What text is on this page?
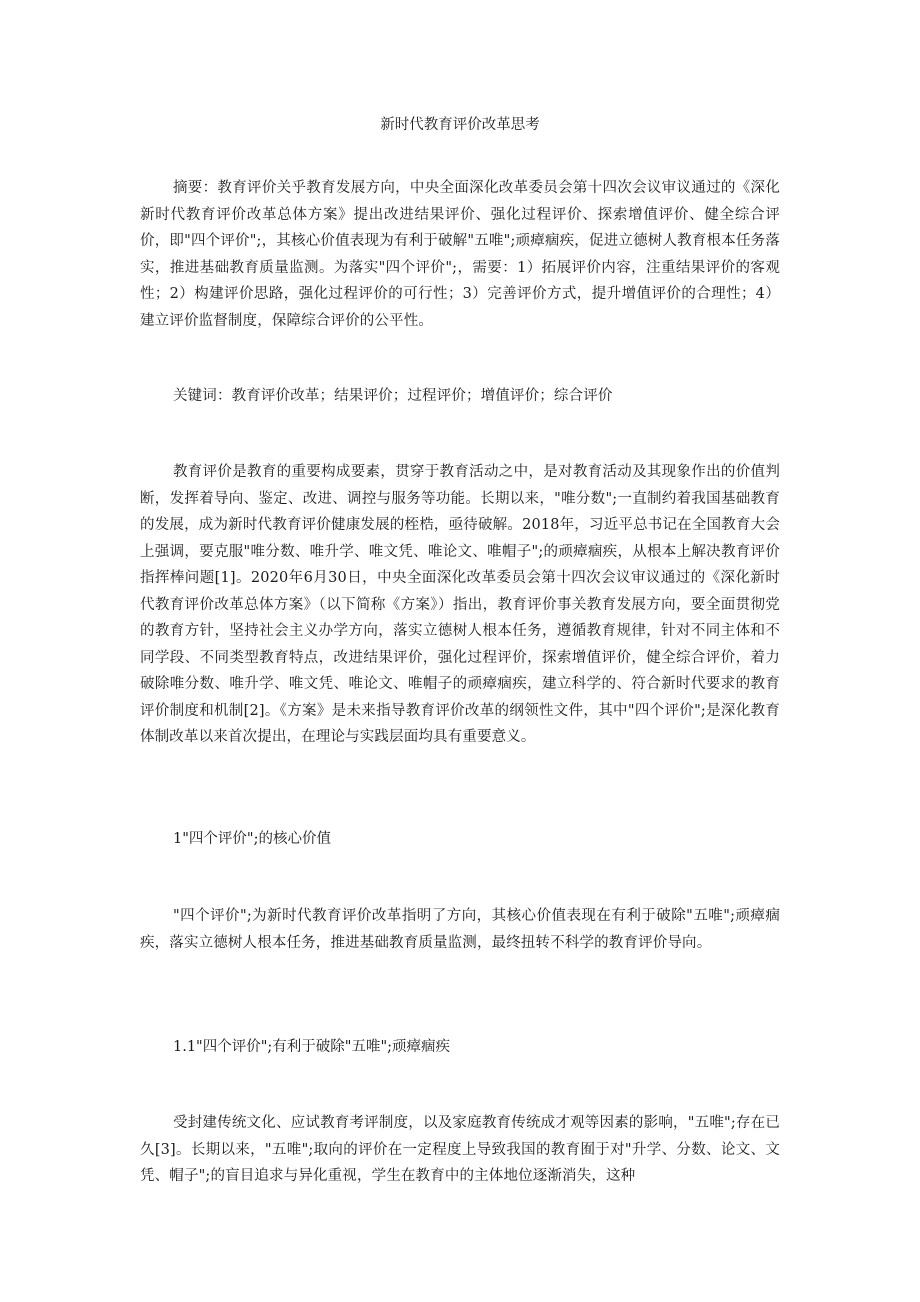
新时代教育评价改革思考

摘要：教育评价关乎教育发展方向，中央全面深化改革委员会第十四次会议审议通过的《深化新时代教育评价改革总体方案》提出改进结果评价、强化过程评价、探索增值评价、健全综合评价，即"四个评价";，其核心价值表现为有利于破解"五唯";顽瘴痼疾，促进立德树人教育根本任务落实，推进基础教育质量监测。为落实"四个评价";，需要：1）拓展评价内容，注重结果评价的客观性；2）构建评价思路，强化过程评价的可行性；3）完善评价方式，提升增值评价的合理性；4）建立评价监督制度，保障综合评价的公平性。

关键词：教育评价改革；结果评价；过程评价；增值评价；综合评价

教育评价是教育的重要构成要素，贯穿于教育活动之中，是对教育活动及其现象作出的价值判断，发挥着导向、鉴定、改进、调控与服务等功能。长期以来，"唯分数";一直制约着我国基础教育的发展，成为新时代教育评价健康发展的桎梏，亟待破解。2018年，习近平总书记在全国教育大会上强调，要克服"唯分数、唯升学、唯文凭、唯论文、唯帽子";的顽瘴痼疾，从根本上解决教育评价指挥棒问题[1]。2020年6月30日，中央全面深化改革委员会第十四次会议审议通过的《深化新时代教育评价改革总体方案》（以下简称《方案》）指出，教育评价事关教育发展方向，要全面贯彻党的教育方针，坚持社会主义办学方向，落实立德树人根本任务，遵循教育规律，针对不同主体和不同学段、不同类型教育特点，改进结果评价，强化过程评价，探索增值评价，健全综合评价，着力破除唯分数、唯升学、唯文凭、唯论文、唯帽子的顽瘴痼疾，建立科学的、符合新时代要求的教育评价制度和机制[2]。《方案》是未来指导教育评价改革的纲领性文件，其中"四个评价";是深化教育体制改革以来首次提出，在理论与实践层面均具有重要意义。

1"四个评价";的核心价值

"四个评价";为新时代教育评价改革指明了方向，其核心价值表现在有利于破除"五唯";顽瘴痼疾，落实立德树人根本任务，推进基础教育质量监测，最终扭转不科学的教育评价导向。

1.1"四个评价";有利于破除"五唯";顽瘴痼疾

受封建传统文化、应试教育考评制度，以及家庭教育传统成才观等因素的影响，"五唯";存在已久[3]。长期以来，"五唯";取向的评价在一定程度上导致我国的教育囿于对"升学、分数、论文、文凭、帽子";的盲目追求与异化重视，学生在教育中的主体地位逐渐消失，这种
